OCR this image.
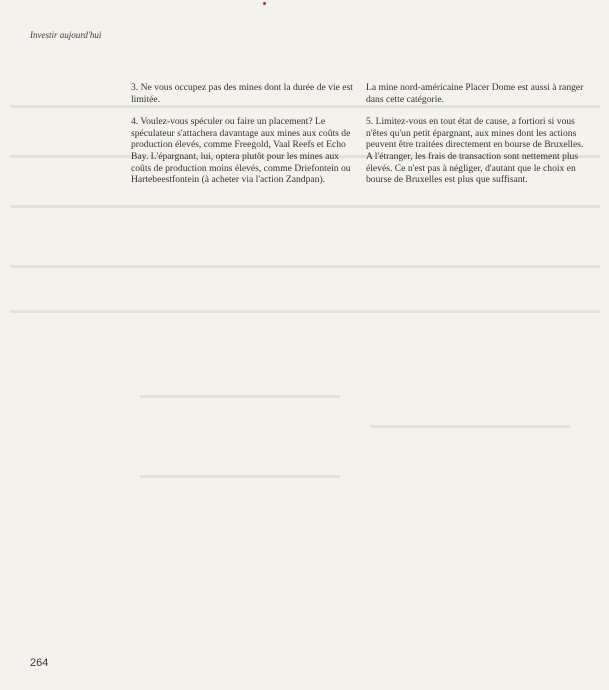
Investir aujourd'hui

3. Ne vous occupez pas des mines dont la durée de vie est limitée.

4. Voulez-vous spéculer ou faire un placement? Le spéculateur s'attachera davantage aux mines aux coûts de production élevés, comme Freegold, Vaal Reefs et Echo Bay. L'épargnant, lui, optera plutôt pour les mines aux coûts de production moins élevés, comme Driefontein ou Hartebeestfontein (à acheter via l'action Zandpan).

La mine nord-américaine Placer Dome est aussi à ranger dans cette catégorie.

5. Limitez-vous en tout état de cause, a fortiori si vous n'êtes qu'un petit épargnant, aux mines dont les actions peuvent être traitées directement en bourse de Bruxelles. A l'étranger, les frais de transaction sont nettement plus élevés. Ce n'est pas à négliger, d'autant que le choix en bourse de Bruxelles est plus que suffisant.

264
